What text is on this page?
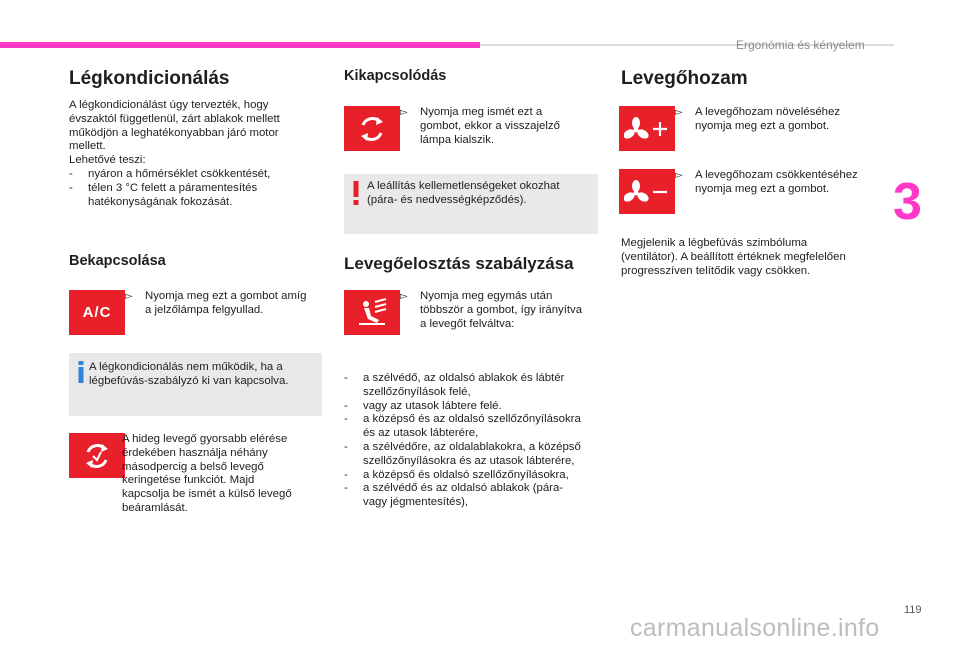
Ergonómia és kényelem
3
Légkondicionálás

A légkondicionálást úgy tervezték, hogy

évszaktól függetlenül, zárt ablakok mellett

működjön a leghatékonyabban járó motor

mellett.

Lehetővé teszi:

-	nyáron a hőmérséklet csökkentését,
-	télen 3 °C felett a páramentesítés
hatékonyságának fokozását.
Bekapcsolása
A/C
▻	Nyomja meg ezt a gombot amíg
a jelzőlámpa felgyullad.
A légkondicionálás nem működik, ha a
légbefúvás-szabályzó ki van kapcsolva.

A hideg levegő gyorsabb elérése

érdekében használja néhány

másodpercig a belső levegő

keringetése funkciót. Majd

kapcsolja be ismét a külső levegő

beáramlását.

Kikapcsolódás
▻	Nyomja meg ismét ezt a
gombot, ekkor a visszajelző
lámpa kialszik.
A leállítás kellemetlenségeket okozhat
(pára- és nedvességképződés).
Levegőelosztás szabályzása
▻	Nyomja meg egymás után
többször a gombot, így irányítva
a levegőt felváltva:
-	a szélvédő, az oldalsó ablakok és lábtér
szellőzőnyílások felé,
-	vagy az utasok lábtere felé.
-	a középső és az oldalsó szellőzőnyílásokra
és az utasok lábterére,
-	a szélvédőre, az oldalablakokra, a középső
szellőzőnyílásokra és az utasok lábterére,
-	a középső és oldalsó szellőzőnyílásokra,
-	a szélvédő és az oldalsó ablakok (pára-
vagy jégmentesítés),
Levegőhozam
▻	A levegőhozam növeléséhez
nyomja meg ezt a gombot.
▻	A levegőhozam csökkentéséhez
nyomja meg ezt a gombot.

Megjelenik a légbefúvás szimbóluma

(ventilátor). A beállított értéknek megfelelően

progresszíven telítődik vagy csökken.

119
carmanualsonline.info
